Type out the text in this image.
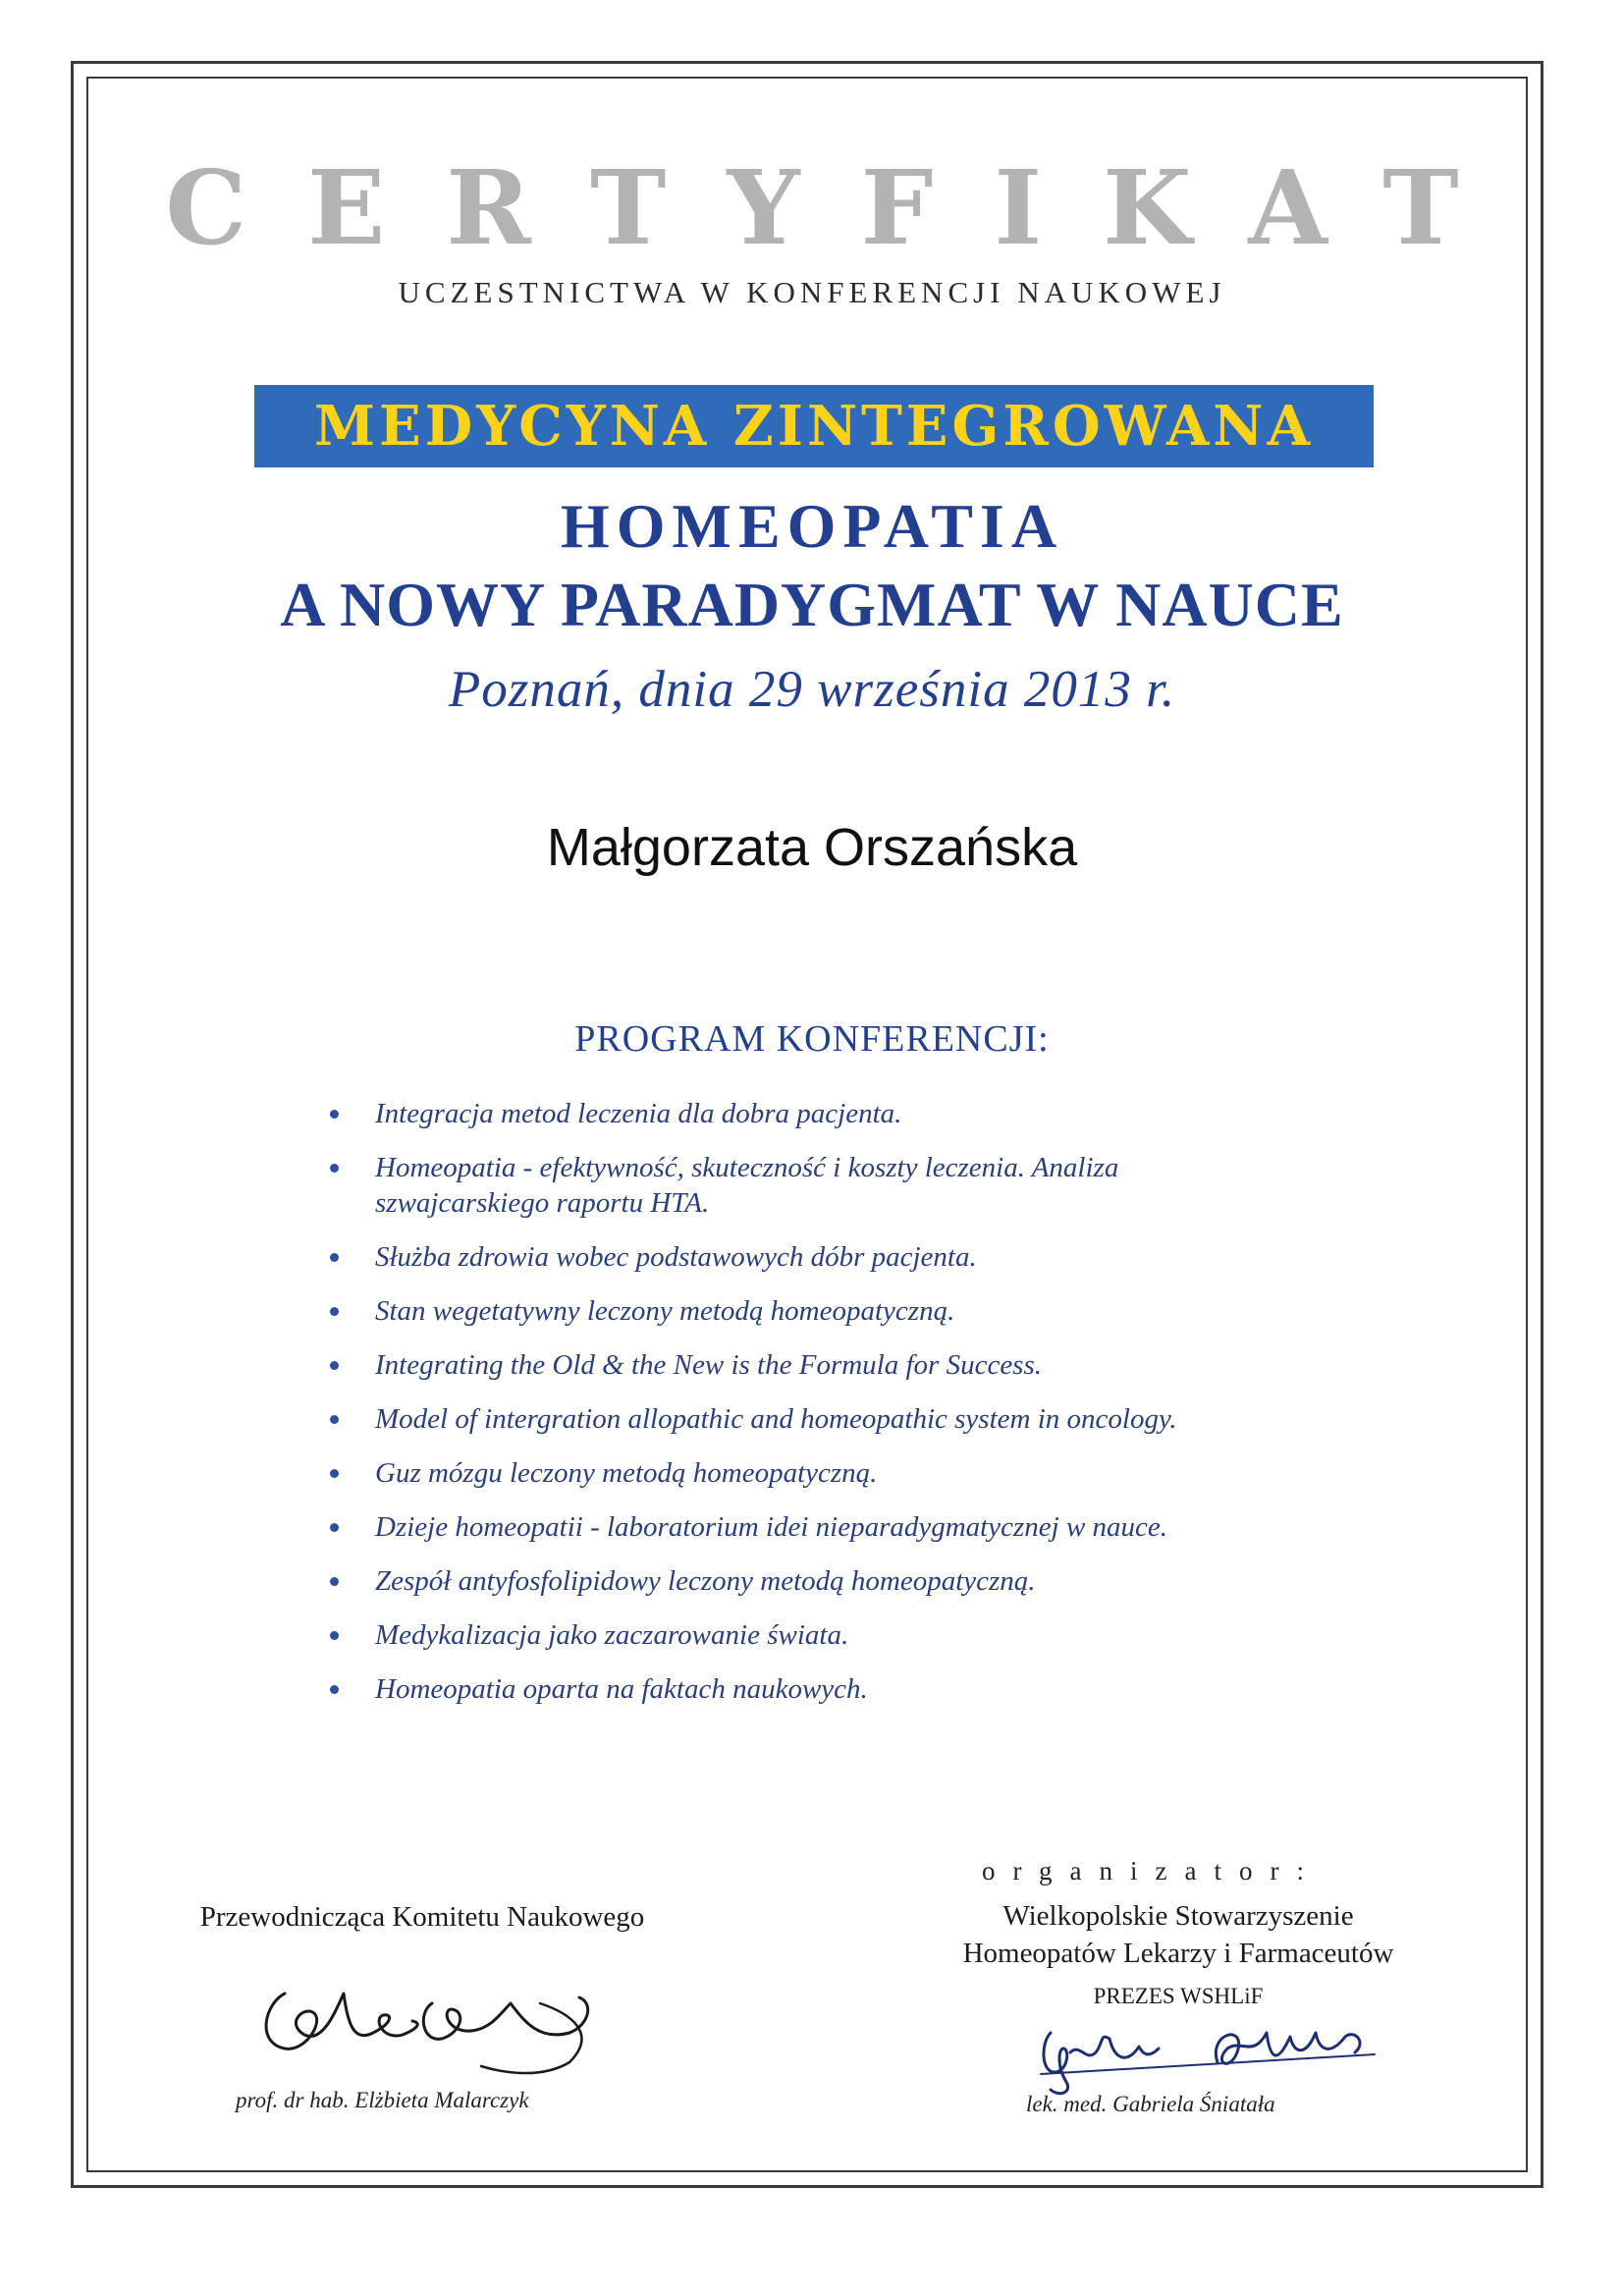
CERTYFIKAT
UCZESTNICTWA W KONFERENCJI NAUKOWEJ
MEDYCYNA ZINTEGROWANA
HOMEOPATIA
A NOWY PARADYGMAT W NAUCE
Poznań, dnia 29 września 2013 r.
Małgorzata Orszańska
PROGRAM KONFERENCJI:
Integracja metod leczenia dla dobra pacjenta.
Homeopatia - efektywność, skuteczność i koszty leczenia. Analiza szwajcarskiego raportu HTA.
Służba zdrowia wobec podstawowych dóbr pacjenta.
Stan wegetatywny leczony metodą homeopatyczną.
Integrating the Old & the New is the Formula for Success.
Model of intergration allopathic and homeopathic system in oncology.
Guz mózgu leczony metodą homeopatyczną.
Dzieje homeopatii - laboratorium idei nieparadygmatycznej w nauce.
Zespół antyfosfolipidowy leczony metodą homeopatyczną.
Medykalizacja jako zaczarowanie świata.
Homeopatia oparta na faktach naukowych.
Przewodnicząca Komitetu Naukowego
prof. dr hab. Elżbieta Malarczyk
organizator:
Wielkopolskie Stowarzyszenie
Homeopatów Lekarzy i Farmaceutów
PREZES WSHLiF
lek. med. Gabriela Śniatała
